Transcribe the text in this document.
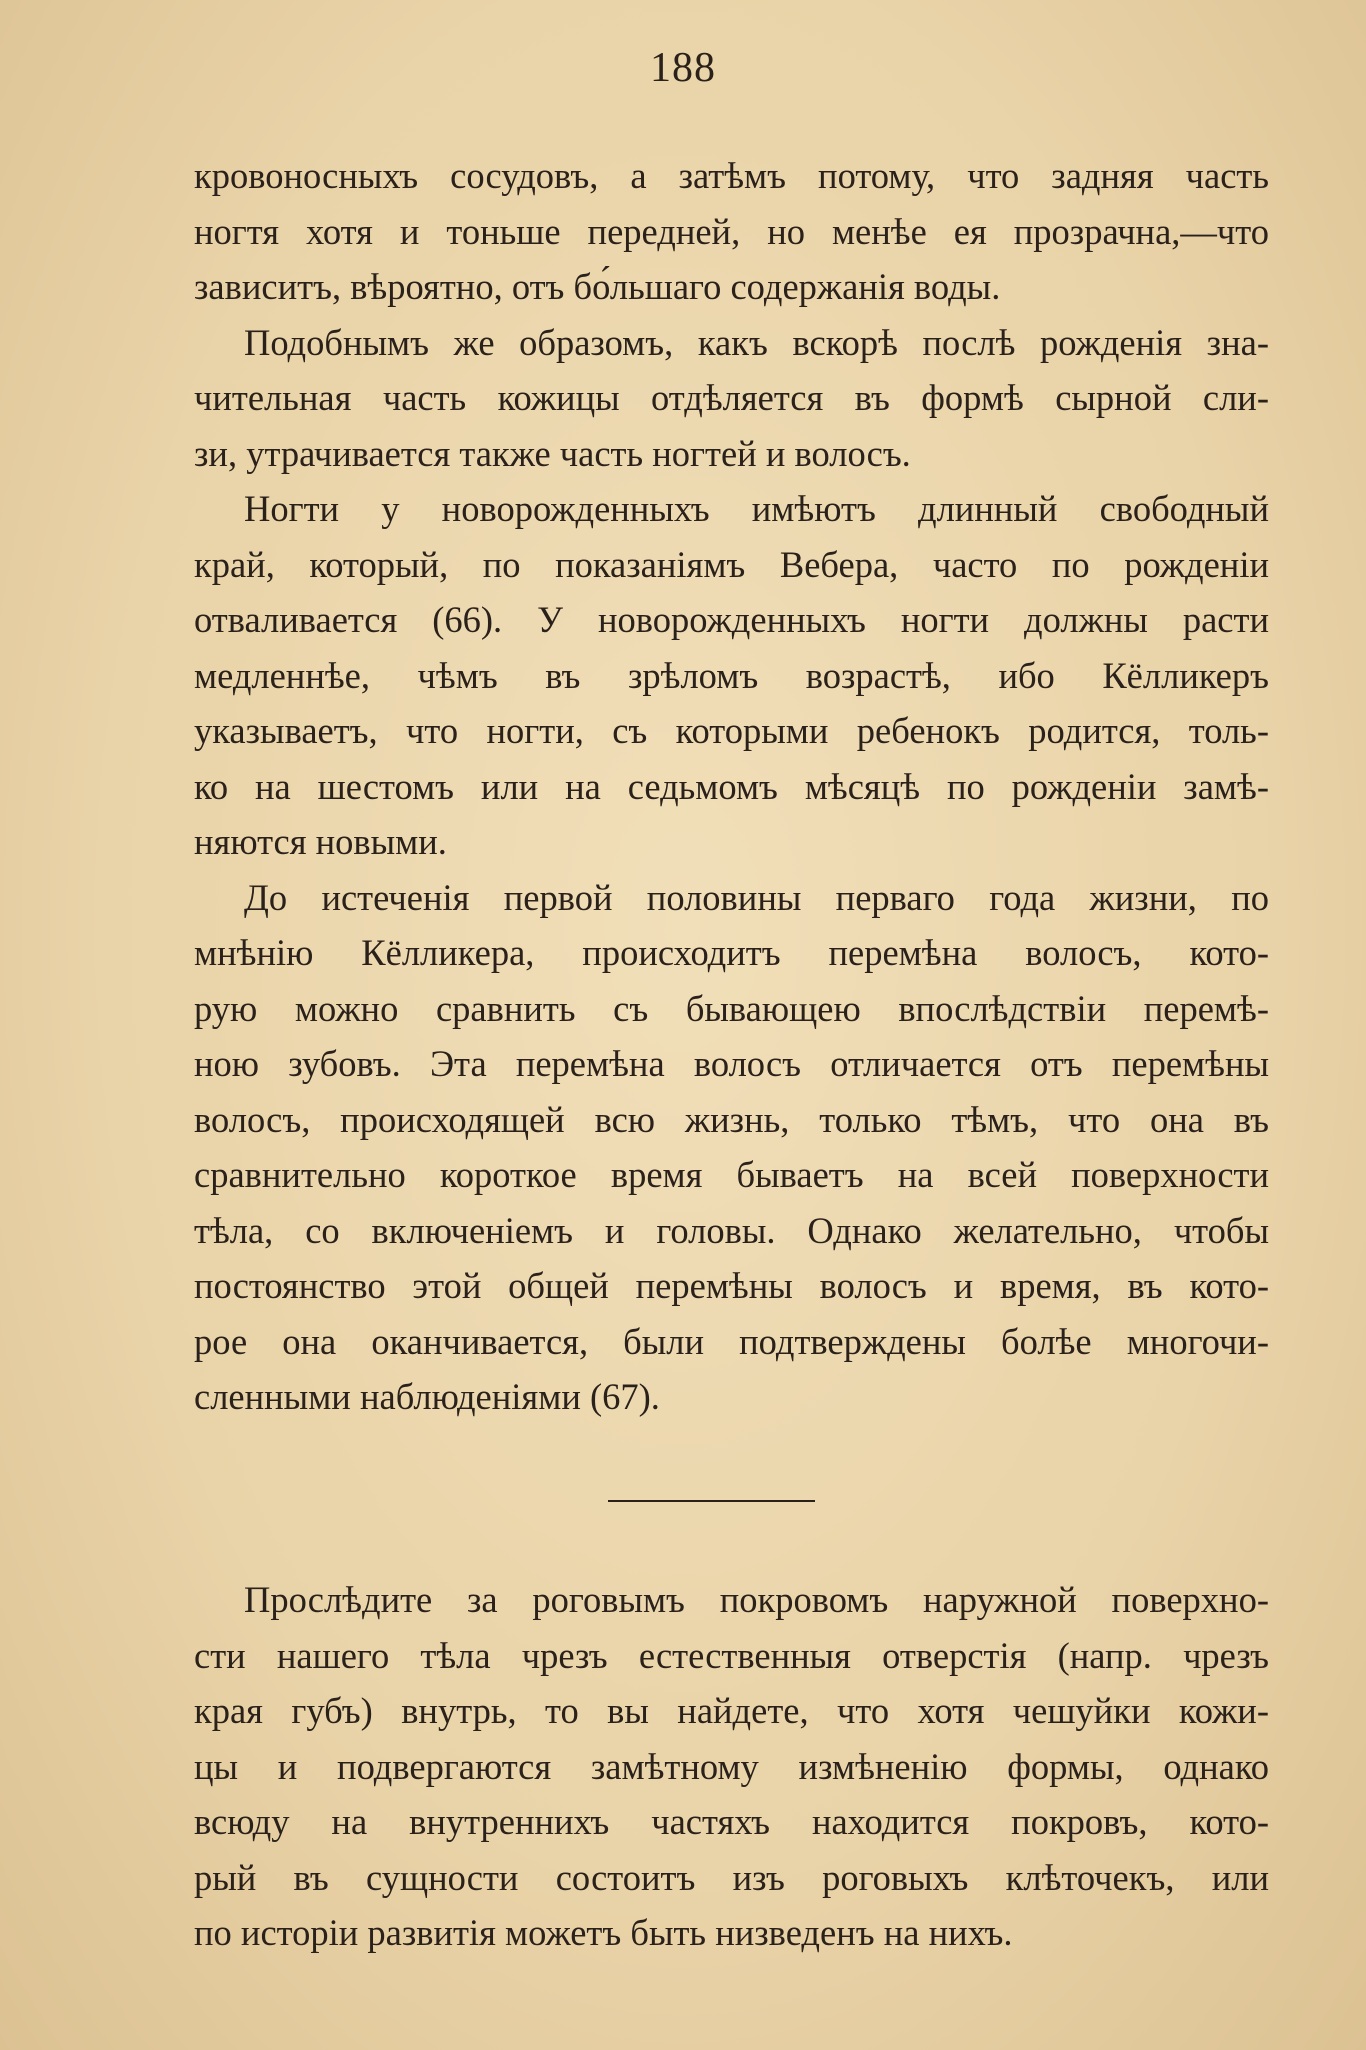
188
кровоносныхъ сосудовъ, а затѣмъ потому, что задняя часть
ногтя хотя и тоньше передней, но менѣе ея прозрачна,—что
зависитъ, вѣроятно, отъ бо́льшаго содержанія воды.
Подобнымъ же образомъ, какъ вскорѣ послѣ рожденія зна-
чительная часть кожицы отдѣляется въ формѣ сырной сли-
зи, утрачивается также часть ногтей и волосъ.
Ногти у новорожденныхъ имѣютъ длинный свободный
край, который, по показаніямъ Вебера, часто по рожденіи
отваливается (66). У новорожденныхъ ногти должны расти
медленнѣе, чѣмъ въ зрѣломъ возрастѣ, ибо Кёлликеръ
указываетъ, что ногти, съ которыми ребенокъ родится, толь-
ко на шестомъ или на седьмомъ мѣсяцѣ по рожденіи замѣ-
няются новыми.
До истеченія первой половины перваго года жизни, по
мнѣнію Кёлликера, происходитъ перемѣна волосъ, кото-
рую можно сравнить съ бывающею впослѣдствіи перемѣ-
ною зубовъ. Эта перемѣна волосъ отличается отъ перемѣны
волосъ, происходящей всю жизнь, только тѣмъ, что она въ
сравнительно короткое время бываетъ на всей поверхности
тѣла, со включеніемъ и головы. Однако желательно, чтобы
постоянство этой общей перемѣны волосъ и время, въ кото-
рое она оканчивается, были подтверждены болѣе многочи-
сленными наблюденіями (67).
Прослѣдите за роговымъ покровомъ наружной поверхно-
сти нашего тѣла чрезъ естественныя отверстія (напр. чрезъ
края губъ) внутрь, то вы найдете, что хотя чешуйки кожи-
цы и подвергаются замѣтному измѣненію формы, однако
всюду на внутреннихъ частяхъ находится покровъ, кото-
рый въ сущности состоитъ изъ роговыхъ клѣточекъ, или
по исторіи развитія можетъ быть низведенъ на нихъ.
